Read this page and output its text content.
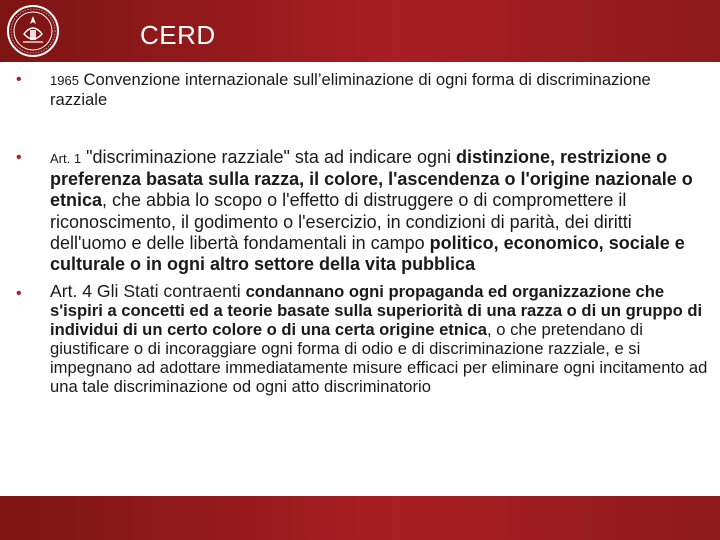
CERD

• 1965 Convenzione internazionale sull’eliminazione di ogni forma di discriminazione razziale

• Art. 1 "discriminazione razziale" sta ad indicare ogni distinzione, restrizione o preferenza basata sulla razza, il colore, l'ascendenza o l'origine nazionale o etnica, che abbia lo scopo o l'effetto di distruggere o di compromettere il riconoscimento, il godimento o l'esercizio, in condizioni di parità, dei diritti dell'uomo e delle libertà fondamentali in campo politico, economico, sociale e culturale o in ogni altro settore della vita pubblica

• Art. 4 Gli Stati contraenti condannano ogni propaganda ed organizzazione che s'ispiri a concetti ed a teorie basate sulla superiorità di una razza o di un gruppo di individui di un certo colore o di una certa origine etnica, o che pretendano di giustificare o di incoraggiare ogni forma di odio e di discriminazione razziale, e si impegnano ad adottare immediatamente misure efficaci per eliminare ogni incitamento ad una tale discriminazione od ogni atto discriminatorio
